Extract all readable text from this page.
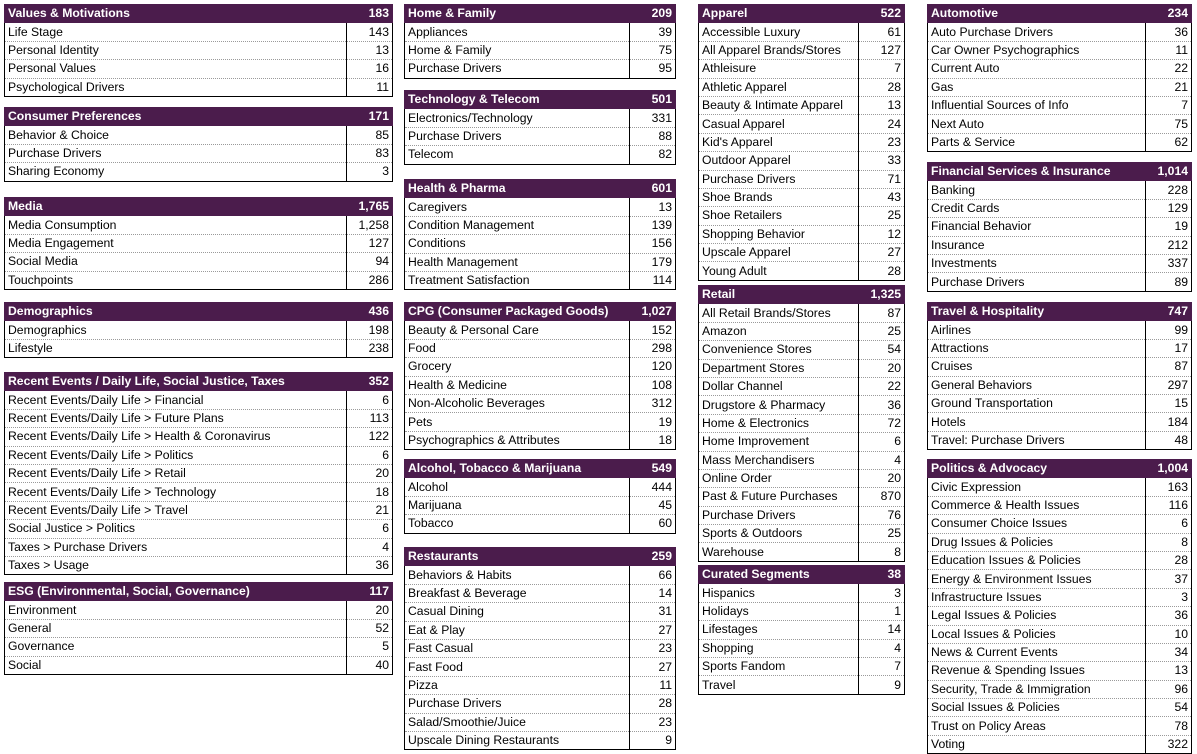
Values & Motivations	183
Life Stage	143
Personal Identity	13
Personal Values	16
Psychological Drivers	11
Consumer Preferences	171
Behavior & Choice	85
Purchase Drivers	83
Sharing Economy	3
Media	1,765
Media Consumption	1,258
Media Engagement	127
Social Media	94
Touchpoints	286
Demographics	436
Demographics	198
Lifestyle	238
Recent Events / Daily Life, Social Justice, Taxes	352
Recent Events/Daily Life > Financial	6
Recent Events/Daily Life > Future Plans	113
Recent Events/Daily Life > Health & Coronavirus	122
Recent Events/Daily Life > Politics	6
Recent Events/Daily Life > Retail	20
Recent Events/Daily Life > Technology	18
Recent Events/Daily Life > Travel	21
Social Justice > Politics	6
Taxes > Purchase Drivers	4
Taxes > Usage	36
ESG (Environmental, Social, Governance)	117
Environment	20
General	52
Governance	5
Social	40
Home & Family	209
Appliances	39
Home & Family	75
Purchase Drivers	95
Technology & Telecom	501
Electronics/Technology	331
Purchase Drivers	88
Telecom	82
Health & Pharma	601
Caregivers	13
Condition Management	139
Conditions	156
Health Management	179
Treatment Satisfaction	114
CPG (Consumer Packaged Goods)	1,027
Beauty & Personal Care	152
Food	298
Grocery	120
Health & Medicine	108
Non-Alcoholic Beverages	312
Pets	19
Psychographics & Attributes	18
Alcohol, Tobacco & Marijuana	549
Alcohol	444
Marijuana	45
Tobacco	60
Restaurants	259
Behaviors & Habits	66
Breakfast & Beverage	14
Casual Dining	31
Eat & Play	27
Fast Casual	23
Fast Food	27
Pizza	11
Purchase Drivers	28
Salad/Smoothie/Juice	23
Upscale Dining Restaurants	9
Apparel	522
Accessible Luxury	61
All Apparel Brands/Stores	127
Athleisure	7
Athletic Apparel	28
Beauty & Intimate Apparel	13
Casual Apparel	24
Kid's Apparel	23
Outdoor Apparel	33
Purchase Drivers	71
Shoe Brands	43
Shoe Retailers	25
Shopping Behavior	12
Upscale Apparel	27
Young Adult	28
Retail	1,325
All Retail Brands/Stores	87
Amazon	25
Convenience Stores	54
Department Stores	20
Dollar Channel	22
Drugstore & Pharmacy	36
Home & Electronics	72
Home Improvement	6
Mass Merchandisers	4
Online Order	20
Past & Future Purchases	870
Purchase Drivers	76
Sports & Outdoors	25
Warehouse	8
Curated Segments	38
Hispanics	3
Holidays	1
Lifestages	14
Shopping	4
Sports Fandom	7
Travel	9
Automotive	234
Auto Purchase Drivers	36
Car Owner Psychographics	11
Current Auto	22
Gas	21
Influential Sources of Info	7
Next Auto	75
Parts & Service	62
Financial Services & Insurance	1,014
Banking	228
Credit Cards	129
Financial Behavior	19
Insurance	212
Investments	337
Purchase Drivers	89
Travel & Hospitality	747
Airlines	99
Attractions	17
Cruises	87
General Behaviors	297
Ground Transportation	15
Hotels	184
Travel: Purchase Drivers	48
Politics & Advocacy	1,004
Civic Expression	163
Commerce & Health Issues	116
Consumer Choice Issues	6
Drug Issues & Policies	8
Education Issues & Policies	28
Energy & Environment Issues	37
Infrastructure Issues	3
Legal Issues & Policies	36
Local Issues & Policies	10
News & Current Events	34
Revenue & Spending Issues	13
Security, Trade & Immigration	96
Social Issues & Policies	54
Trust on Policy Areas	78
Voting	322
